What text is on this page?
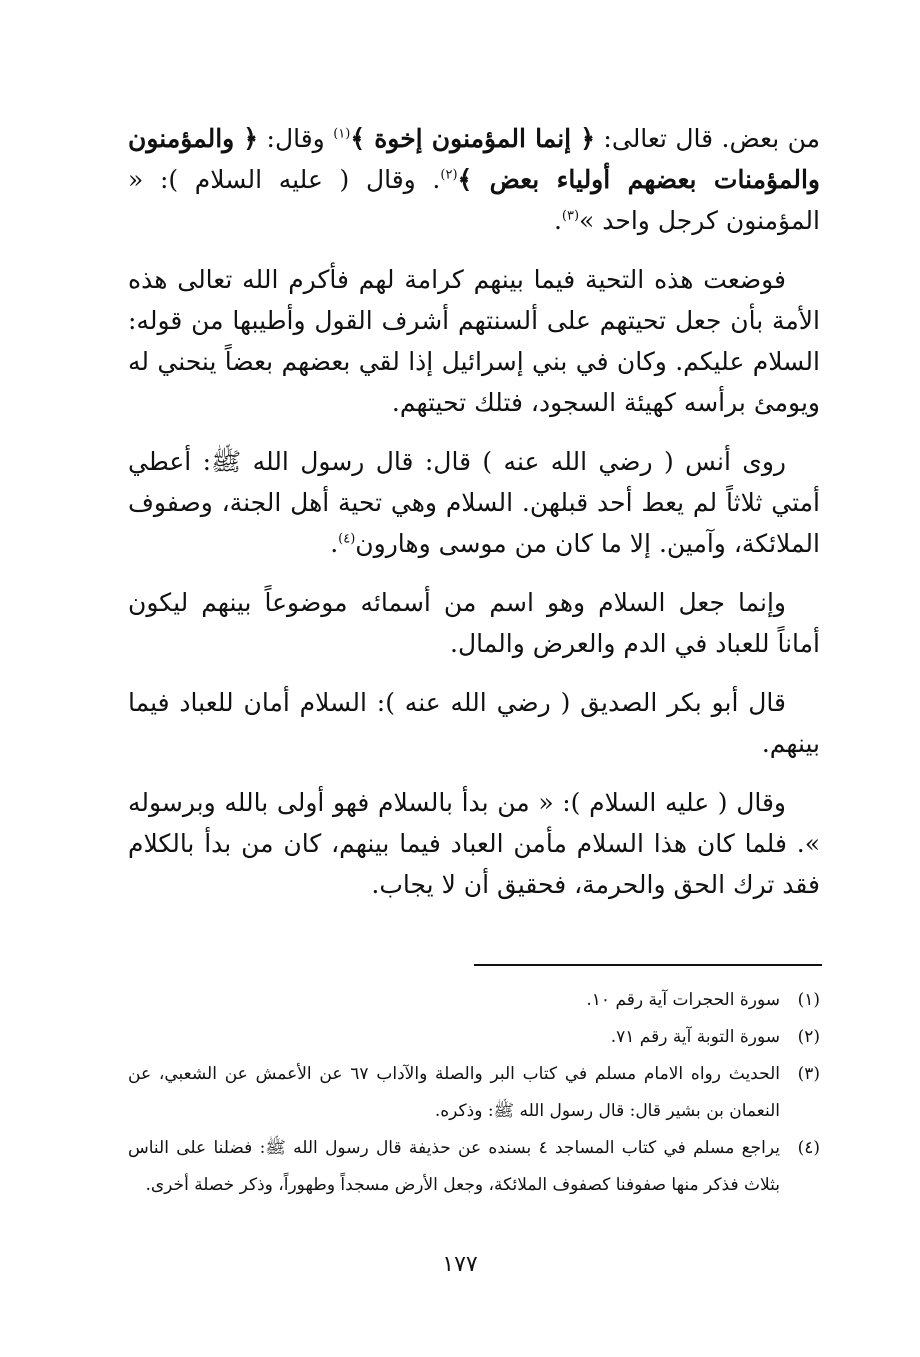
من بعض. قال تعالى: ﴿ إنما المؤمنون إخوة ﴾$^{(١)}$ وقال: ﴿ والمؤمنون والمؤمنات بعضهم أولياء بعض ﴾$^{(٢)}$. وقال ( عليه السلام ): « المؤمنون كرجل واحد »$^{(٣)}$.

فوضعت هذه التحية فيما بينهم كرامة لهم فأكرم الله تعالى هذه الأمة بأن جعل تحيتهم على ألسنتهم أشرف القول وأطيبها من قوله: السلام عليكم. وكان في بني إسرائيل إذا لقي بعضهم بعضاً ينحني له ويومئ برأسه كهيئة السجود، فتلك تحيتهم.

روى أنس ( رضي الله عنه ) قال: قال رسول الله ﷺ: أعطي أمتي ثلاثاً لم يعط أحد قبلهن. السلام وهي تحية أهل الجنة، وصفوف الملائكة، وآمين. إلا ما كان من موسى وهارون$^{(٤)}$.

وإنما جعل السلام وهو اسم من أسمائه موضوعاً بينهم ليكون أماناً للعباد في الدم والعرض والمال.

قال أبو بكر الصديق ( رضي الله عنه ): السلام أمان للعباد فيما بينهم.

وقال ( عليه السلام ): « من بدأ بالسلام فهو أولى بالله وبرسوله ». فلما كان هذا السلام مأمن العباد فيما بينهم، كان من بدأ بالكلام فقد ترك الحق والحرمة، فحقيق أن لا يجاب.

(١)
سورة الحجرات آية رقم ١٠.
(٢)
سورة التوبة آية رقم ٧١.
(٣)
الحديث رواه الامام مسلم في كتاب البر والصلة والآداب ٦٧ عن الأعمش عن الشعبي، عن النعمان بن بشير قال: قال رسول الله ﷺ: وذكره.
(٤)
يراجع مسلم في كتاب المساجد ٤ بسنده عن حذيفة قال رسول الله ﷺ: فضلنا على الناس بثلاث فذكر منها صفوفنا كصفوف الملائكة، وجعل الأرض مسجداً وطهوراً، وذكر خصلة أخرى.
١٧٧
